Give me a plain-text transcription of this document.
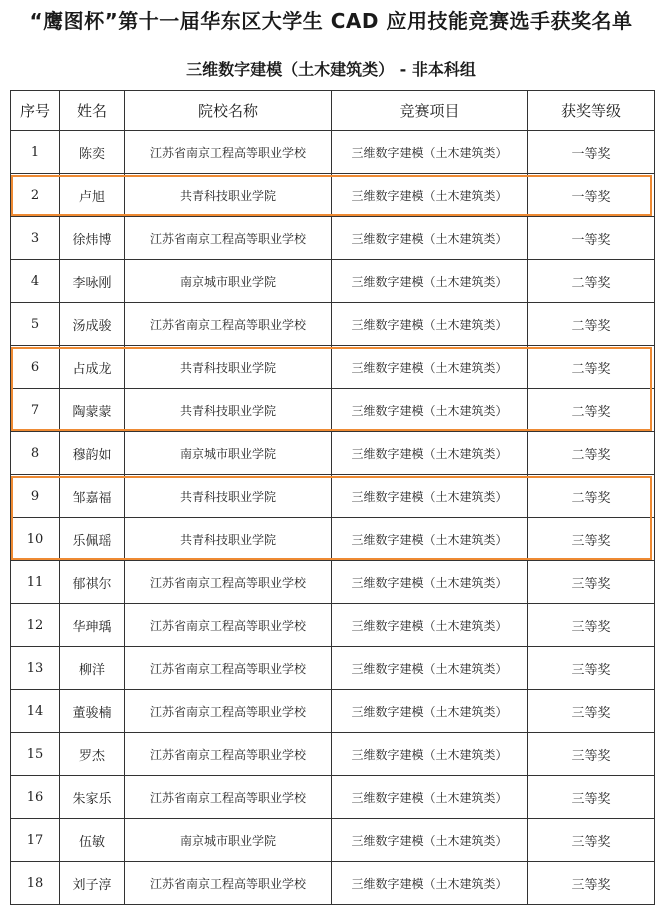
“鹰图杯”第十一届华东区大学生 CAD 应用技能竞赛选手获奖名单
三维数字建模（土木建筑类） - 非本科组
序号	姓名	院校名称	竞赛项目	获奖等级
1	陈奕	江苏省南京工程高等职业学校	三维数字建模（土木建筑类）	一等奖
2	卢旭	共青科技职业学院	三维数字建模（土木建筑类）	一等奖
3	徐炜博	江苏省南京工程高等职业学校	三维数字建模（土木建筑类）	一等奖
4	李咏刚	南京城市职业学院	三维数字建模（土木建筑类）	二等奖
5	汤成骏	江苏省南京工程高等职业学校	三维数字建模（土木建筑类）	二等奖
6	占成龙	共青科技职业学院	三维数字建模（土木建筑类）	二等奖
7	陶蒙蒙	共青科技职业学院	三维数字建模（土木建筑类）	二等奖
8	穆韵如	南京城市职业学院	三维数字建模（土木建筑类）	二等奖
9	邹嘉福	共青科技职业学院	三维数字建模（土木建筑类）	二等奖
10	乐佩瑶	共青科技职业学院	三维数字建模（土木建筑类）	三等奖
11	郁祺尔	江苏省南京工程高等职业学校	三维数字建模（土木建筑类）	三等奖
12	华珅瑀	江苏省南京工程高等职业学校	三维数字建模（土木建筑类）	三等奖
13	柳洋	江苏省南京工程高等职业学校	三维数字建模（土木建筑类）	三等奖
14	董骏楠	江苏省南京工程高等职业学校	三维数字建模（土木建筑类）	三等奖
15	罗杰	江苏省南京工程高等职业学校	三维数字建模（土木建筑类）	三等奖
16	朱家乐	江苏省南京工程高等职业学校	三维数字建模（土木建筑类）	三等奖
17	伍敏	南京城市职业学院	三维数字建模（土木建筑类）	三等奖
18	刘子淳	江苏省南京工程高等职业学校	三维数字建模（土木建筑类）	三等奖
